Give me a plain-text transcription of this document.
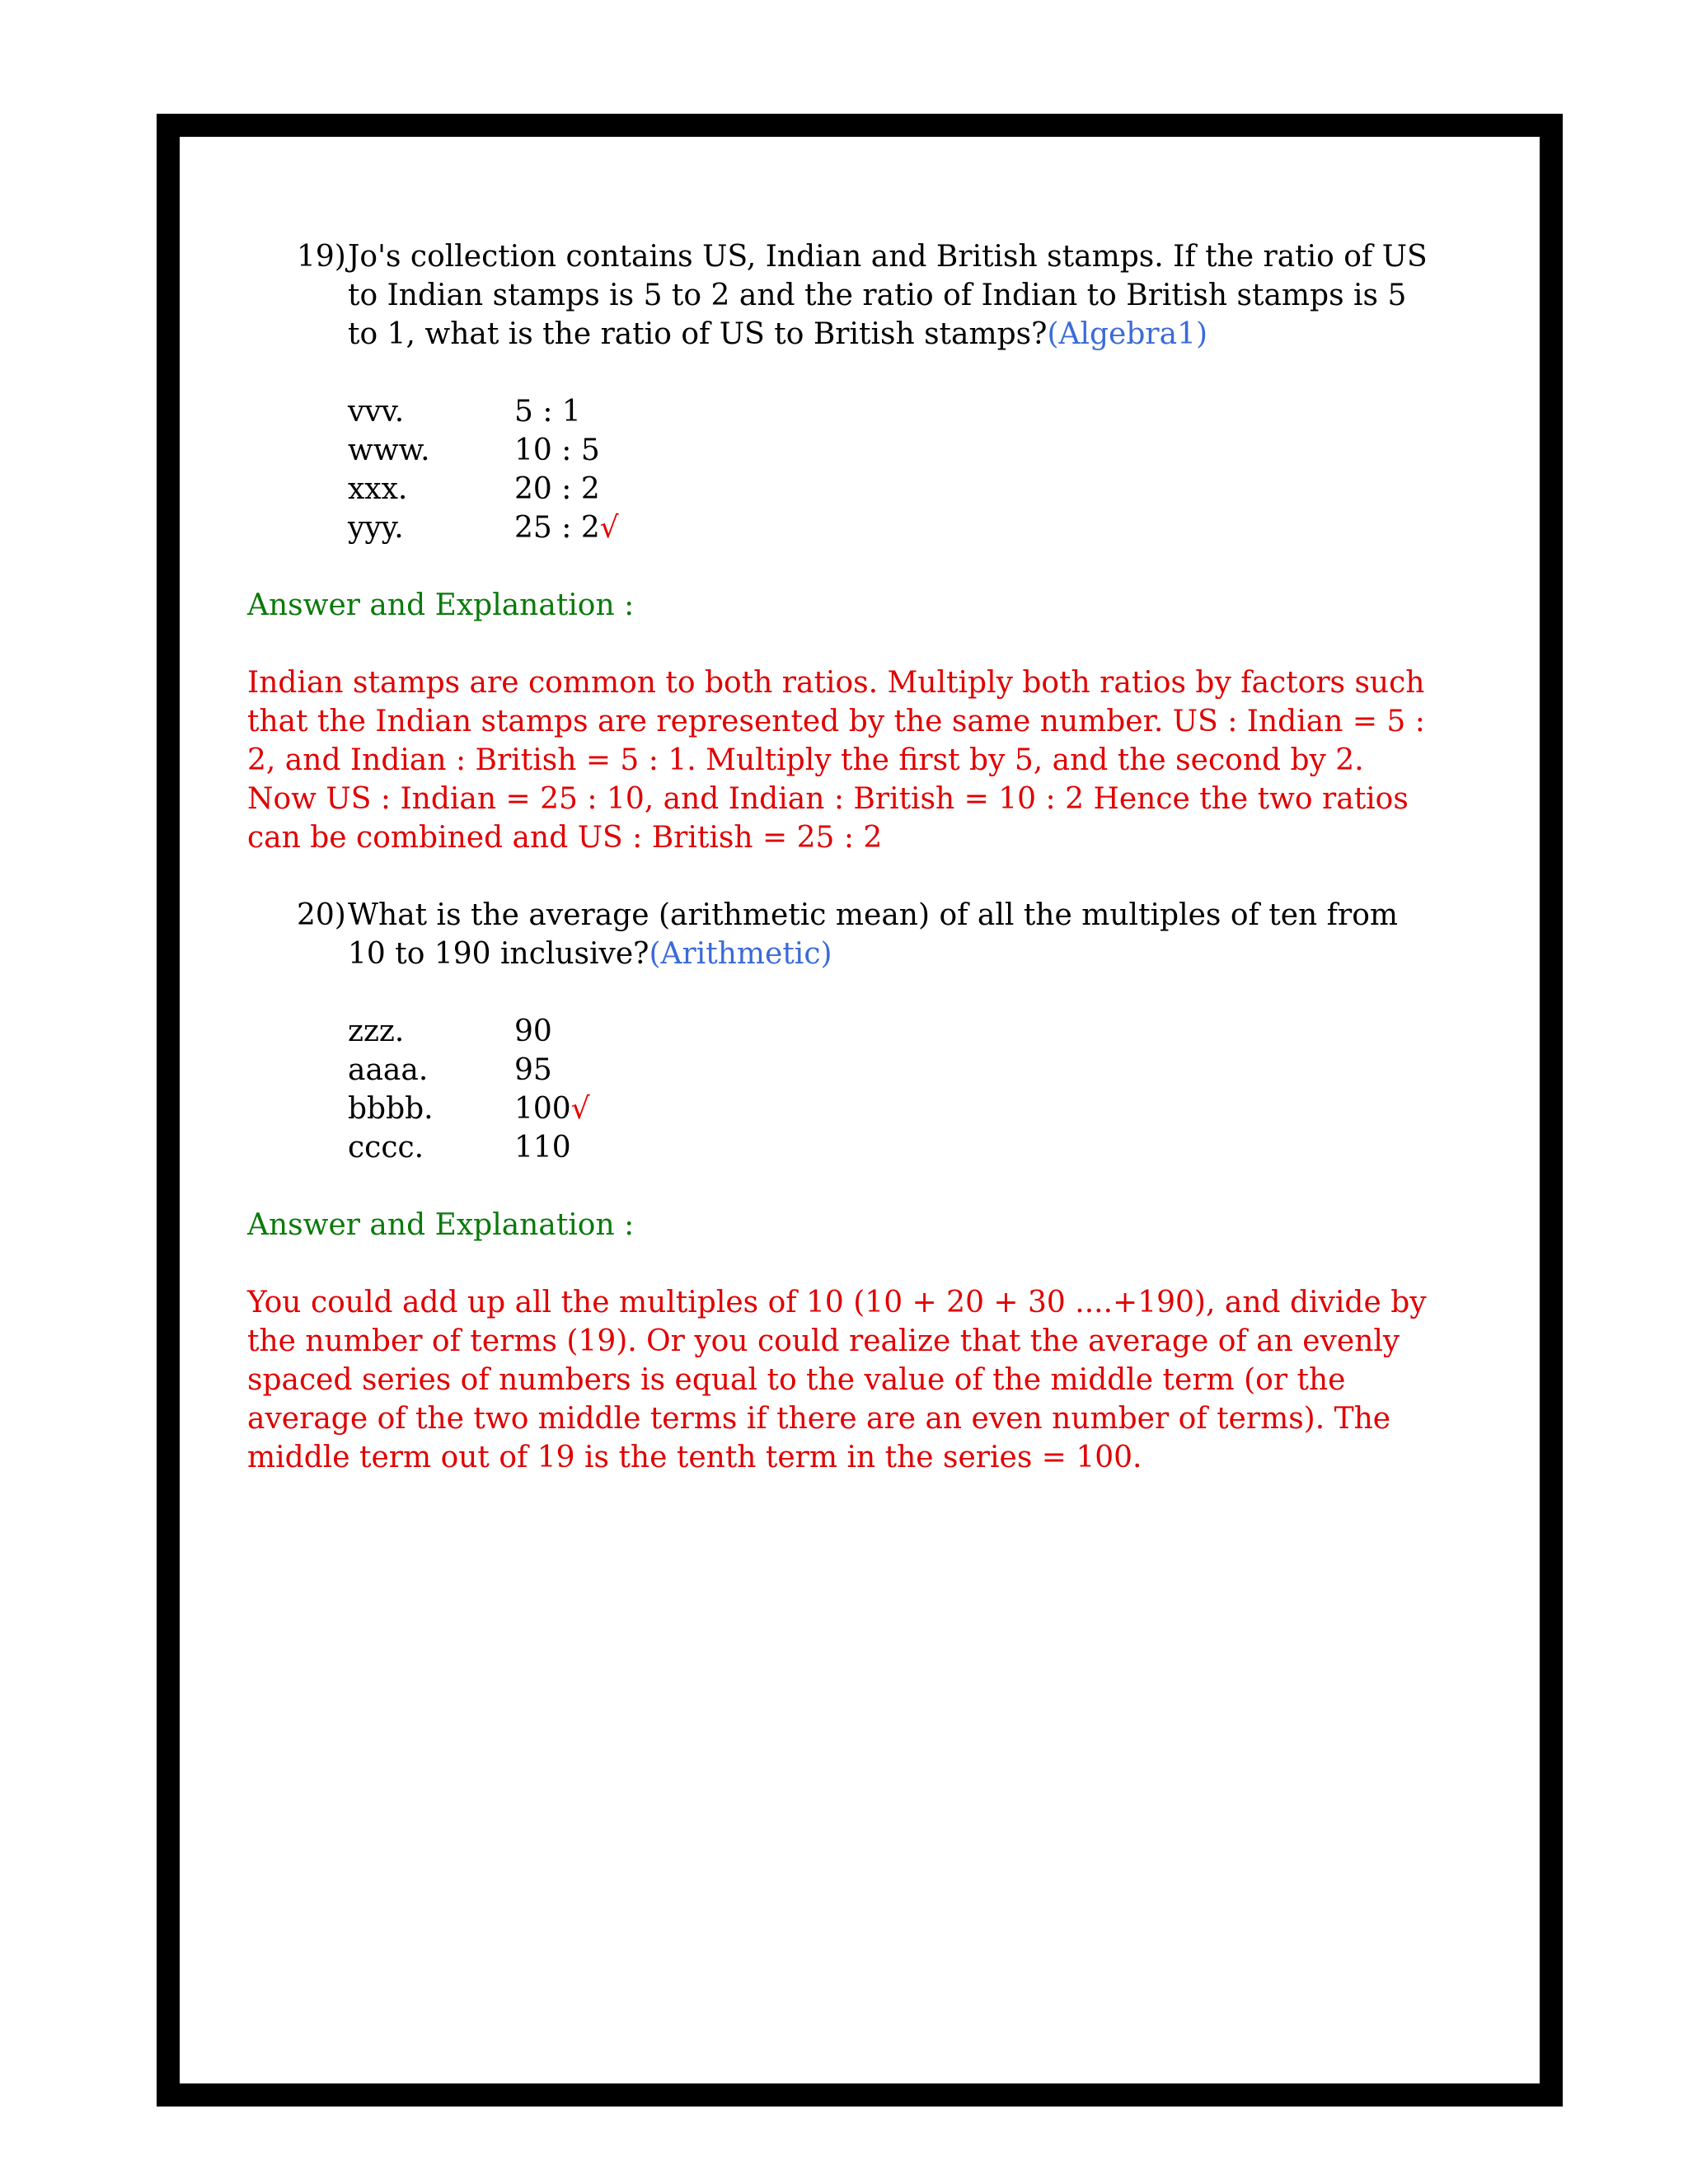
19) Jo's collection contains US, Indian and British stamps. If the ratio of US to Indian stamps is 5 to 2 and the ratio of Indian to British stamps is 5 to 1, what is the ratio of US to British stamps?(Algebra1)
vvv.	5 : 1
www.	10 : 5
xxx.	20 : 2
yyy.	25 : 2 √
Answer and Explanation :
Indian stamps are common to both ratios. Multiply both ratios by factors such that the Indian stamps are represented by the same number. US : Indian = 5 : 2, and Indian : British = 5 : 1. Multiply the first by 5, and the second by 2. Now US : Indian = 25 : 10, and Indian : British = 10 : 2 Hence the two ratios can be combined and US : British = 25 : 2
20) What is the average (arithmetic mean) of all the multiples of ten from 10 to 190 inclusive?(Arithmetic)
zzz.	90
aaaa.	95
bbbb.	100 √
cccc.	110
Answer and Explanation :
You could add up all the multiples of 10 (10 + 20 + 30 ....+190), and divide by the number of terms (19). Or you could realize that the average of an evenly spaced series of numbers is equal to the value of the middle term (or the average of the two middle terms if there are an even number of terms). The middle term out of 19 is the tenth term in the series = 100.
